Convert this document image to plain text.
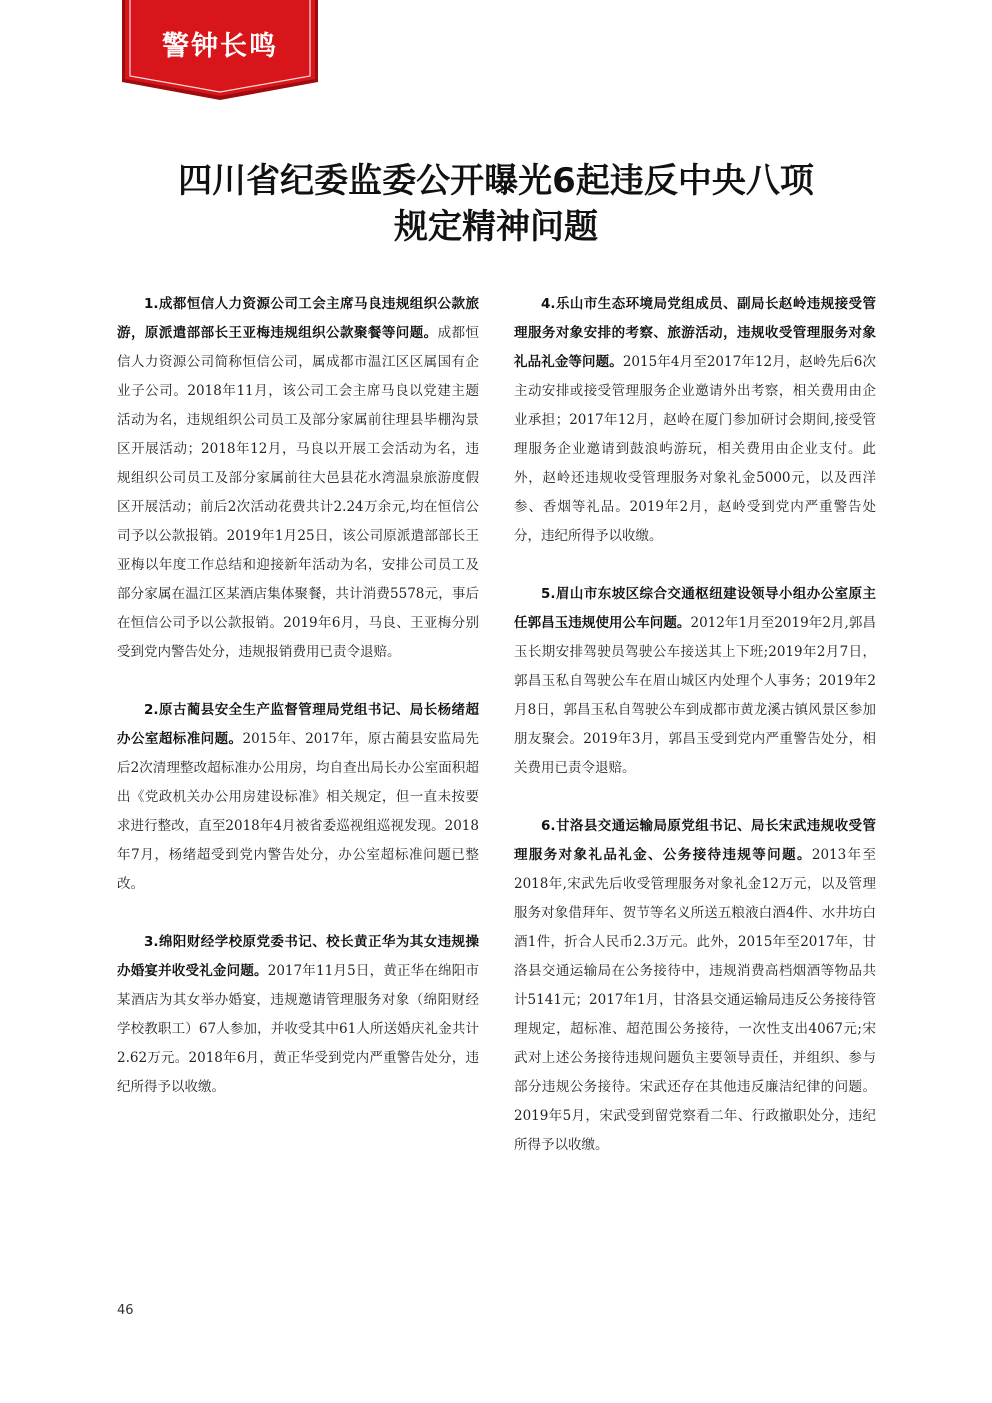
警钟长鸣
四川省纪委监委公开曝光6起违反中央八项
规定精神问题

1.成都恒信人力资源公司工会主席马良违规组织公款旅游，原派遣部部长王亚梅违规组织公款聚餐等问题。成都恒信人力资源公司简称恒信公司，属成都市温江区区属国有企业子公司。2018年11月，该公司工会主席马良以党建主题活动为名，违规组织公司员工及部分家属前往理县毕棚沟景区开展活动；2018年12月，马良以开展工会活动为名，违规组织公司员工及部分家属前往大邑县花水湾温泉旅游度假区开展活动；前后2次活动花费共计2.24万余元,均在恒信公司予以公款报销。2019年1月25日，该公司原派遣部部长王亚梅以年度工作总结和迎接新年活动为名，安排公司员工及部分家属在温江区某酒店集体聚餐，共计消费5578元，事后在恒信公司予以公款报销。2019年6月，马良、王亚梅分别受到党内警告处分，违规报销费用已责令退赔。

2.原古蔺县安全生产监督管理局党组书记、局长杨绪超办公室超标准问题。2015年、2017年，原古蔺县安监局先后2次清理整改超标准办公用房，均自查出局长办公室面积超出《党政机关办公用房建设标准》相关规定，但一直未按要求进行整改，直至2018年4月被省委巡视组巡视发现。2018年7月，杨绪超受到党内警告处分，办公室超标准问题已整改。

3.绵阳财经学校原党委书记、校长黄正华为其女违规操办婚宴并收受礼金问题。2017年11月5日，黄正华在绵阳市某酒店为其女举办婚宴，违规邀请管理服务对象（绵阳财经学校教职工）67人参加，并收受其中61人所送婚庆礼金共计2.62万元。2018年6月，黄正华受到党内严重警告处分，违纪所得予以收缴。

4.乐山市生态环境局党组成员、副局长赵岭违规接受管理服务对象安排的考察、旅游活动，违规收受管理服务对象礼品礼金等问题。2015年4月至2017年12月，赵岭先后6次主动安排或接受管理服务企业邀请外出考察，相关费用由企业承担；2017年12月，赵岭在厦门参加研讨会期间,接受管理服务企业邀请到鼓浪屿游玩，相关费用由企业支付。此外，赵岭还违规收受管理服务对象礼金5000元，以及西洋参、香烟等礼品。2019年2月，赵岭受到党内严重警告处分，违纪所得予以收缴。

5.眉山市东坡区综合交通枢纽建设领导小组办公室原主任郭昌玉违规使用公车问题。2012年1月至2019年2月,郭昌玉长期安排驾驶员驾驶公车接送其上下班;2019年2月7日，郭昌玉私自驾驶公车在眉山城区内处理个人事务；2019年2月8日，郭昌玉私自驾驶公车到成都市黄龙溪古镇风景区参加朋友聚会。2019年3月，郭昌玉受到党内严重警告处分，相关费用已责令退赔。

6.甘洛县交通运输局原党组书记、局长宋武违规收受管理服务对象礼品礼金、公务接待违规等问题。2013年至2018年,宋武先后收受管理服务对象礼金12万元，以及管理服务对象借拜年、贺节等名义所送五粮液白酒4件、水井坊白酒1件，折合人民币2.3万元。此外，2015年至2017年，甘洛县交通运输局在公务接待中，违规消费高档烟酒等物品共计5141元；2017年1月，甘洛县交通运输局违反公务接待管理规定，超标准、超范围公务接待，一次性支出4067元;宋武对上述公务接待违规问题负主要领导责任，并组织、参与部分违规公务接待。宋武还存在其他违反廉洁纪律的问题。2019年5月，宋武受到留党察看二年、行政撤职处分，违纪所得予以收缴。

46
